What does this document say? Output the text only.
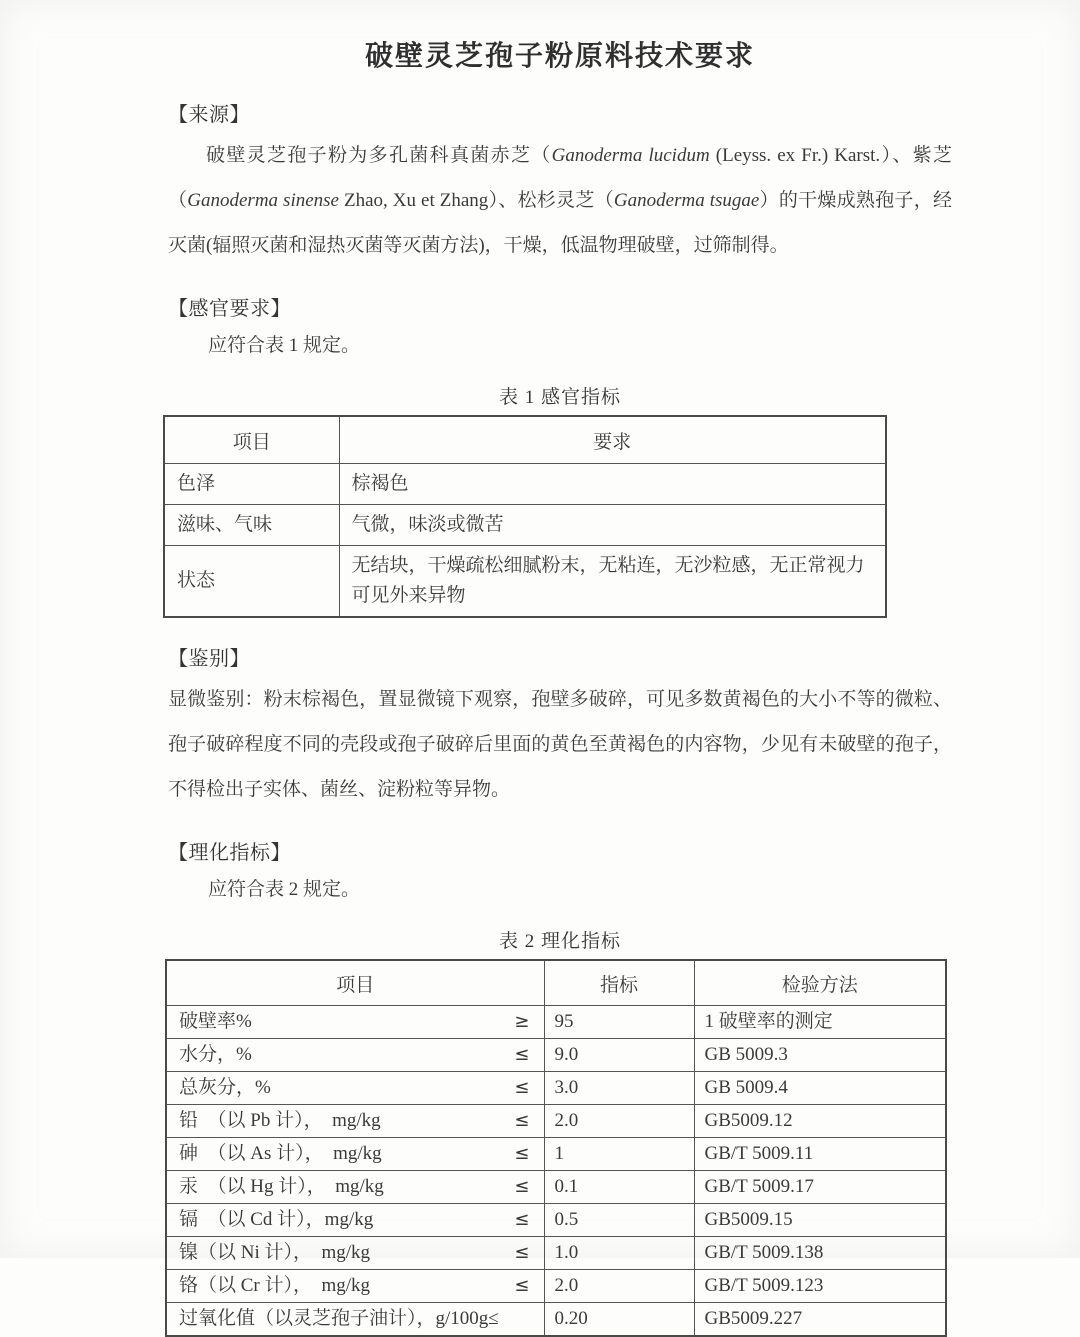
破壁灵芝孢子粉原料技术要求
【来源】

破壁灵芝孢子粉为多孔菌科真菌赤芝（Ganoderma lucidum (Leyss. ex Fr.) Karst.）、紫芝（Ganoderma sinense Zhao, Xu et Zhang）、松杉灵芝（Ganoderma tsugae）的干燥成熟孢子，经灭菌(辐照灭菌和湿热灭菌等灭菌方法)，干燥，低温物理破壁，过筛制得。

【感官要求】

应符合表 1 规定。

表 1 感官指标
项目	要求
色泽	棕褐色
滋味、气味	气微，味淡或微苦
状态	无结块，干燥疏松细腻粉末，无粘连，无沙粒感，无正常视力可见外来异物
【鉴别】

显微鉴别：粉末棕褐色，置显微镜下观察，孢壁多破碎，可见多数黄褐色的大小不等的微粒、孢子破碎程度不同的壳段或孢子破碎后里面的黄色至黄褐色的内容物，少见有未破壁的孢子，不得检出子实体、菌丝、淀粉粒等异物。

【理化指标】

应符合表 2 规定。

表 2 理化指标
项目	指标	检验方法

破壁率% ≥	95	1 破壁率的测定

水分，% ≤	9.0	GB 5009.3

总灰分，% ≤	3.0	GB 5009.4

铅　（以 Pb 计），　mg/kg ≤	2.0	GB5009.12

砷　（以 As 计），　mg/kg ≤	1	GB/T 5009.11

汞　（以 Hg 计），　mg/kg ≤	0.1	GB/T 5009.17

镉　（以 Cd 计），mg/kg ≤	0.5	GB5009.15

镍（以 Ni 计），　mg/kg ≤	1.0	GB/T 5009.138

铬（以 Cr 计），　mg/kg ≤	2.0	GB/T 5009.123

过氧化值（以灵芝孢子油计），g/100g≤	0.20	GB5009.227
